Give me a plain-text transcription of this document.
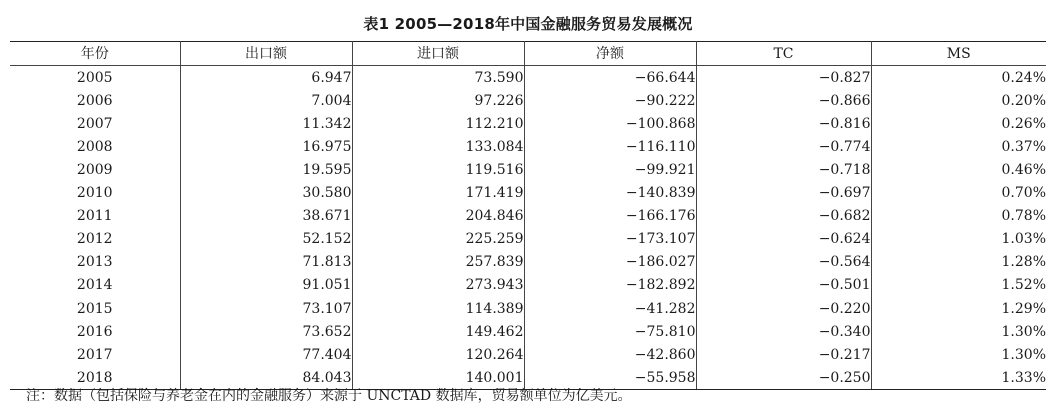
表1 2005—2018年中国金融服务贸易发展概况
年份	出口额	进口额	净额	TC	MS
2005	6.947	73.590	−66.644	−0.827	0.24%
2006	7.004	97.226	−90.222	−0.866	0.20%
2007	11.342	112.210	−100.868	−0.816	0.26%
2008	16.975	133.084	−116.110	−0.774	0.37%
2009	19.595	119.516	−99.921	−0.718	0.46%
2010	30.580	171.419	−140.839	−0.697	0.70%
2011	38.671	204.846	−166.176	−0.682	0.78%
2012	52.152	225.259	−173.107	−0.624	1.03%
2013	71.813	257.839	−186.027	−0.564	1.28%
2014	91.051	273.943	−182.892	−0.501	1.52%
2015	73.107	114.389	−41.282	−0.220	1.29%
2016	73.652	149.462	−75.810	−0.340	1.30%
2017	77.404	120.264	−42.860	−0.217	1.30%
2018	84.043	140.001	−55.958	−0.250	1.33%
注：数据（包括保险与养老金在内的金融服务）来源于 UNCTAD 数据库，贸易额单位为亿美元。
